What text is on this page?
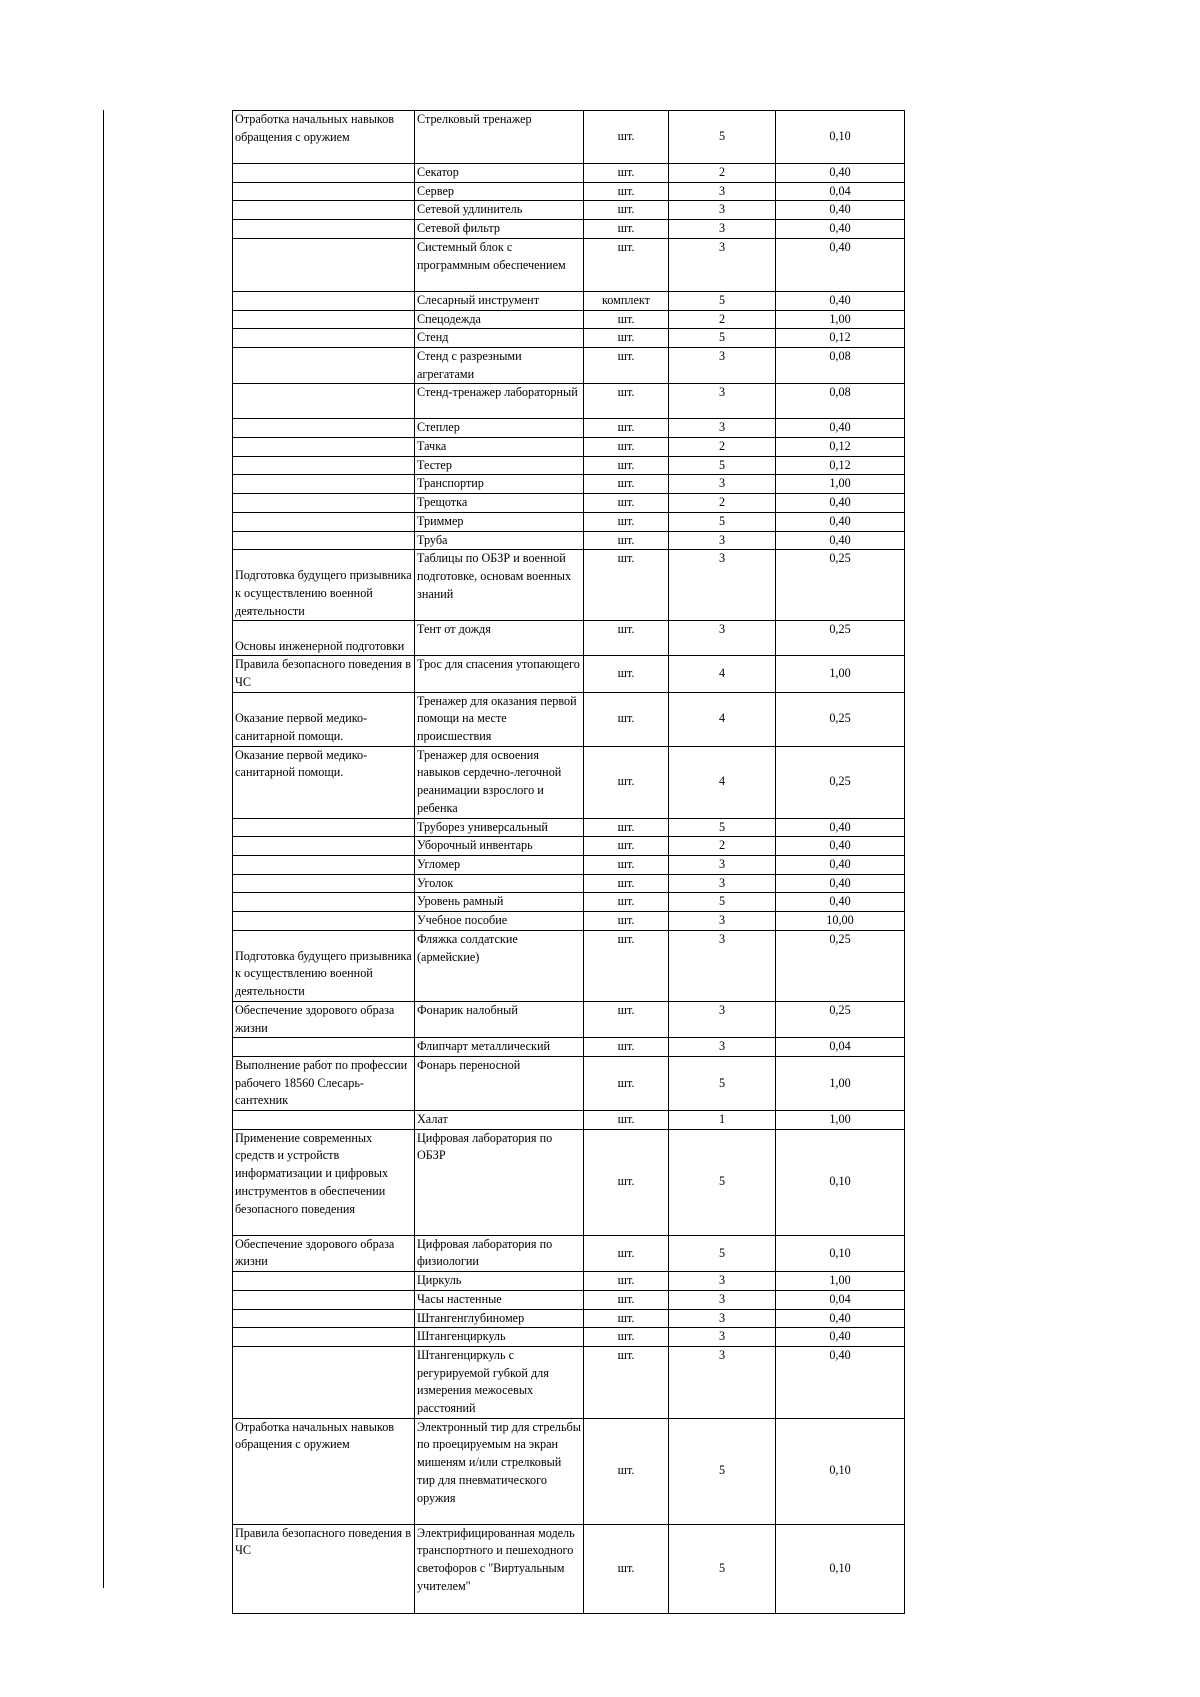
Отработка начальных навыков обращения с оружием	Стрелковый тренажер	шт.	5	0,10
	Секатор	шт.	2	0,40
	Сервер	шт.	3	0,04
	Сетевой удлинитель	шт.	3	0,40
	Сетевой фильтр	шт.	3	0,40
	Системный блок с программным обеспечением	шт.	3	0,40
	Слесарный инструмент	комплект	5	0,40
	Спецодежда	шт.	2	1,00
	Стенд	шт.	5	0,12
	Стенд с разрезными агрегатами	шт.	3	0,08
	Стенд-тренажер лабораторный	шт.	3	0,08
	Степлер	шт.	3	0,40
	Тачка	шт.	2	0,12
	Тестер	шт.	5	0,12
	Транспортир	шт.	3	1,00
	Трещотка	шт.	2	0,40
	Триммер	шт.	5	0,40
	Труба	шт.	3	0,40
Подготовка будущего призывника к осуществлению военной деятельности	Таблицы по ОБЗР и военной подготовке, основам военных знаний	шт.	3	0,25
Основы инженерной подготовки	Тент от дождя	шт.	3	0,25
Правила безопасного поведения в ЧС	Трос для спасения утопающего	шт.	4	1,00
Оказание первой медико-санитарной помощи.	Тренажер для оказания первой помощи на месте происшествия	шт.	4	0,25
Оказание первой медико-санитарной помощи.	Тренажер для освоения навыков сердечно-легочной реанимации взрослого и ребенка	шт.	4	0,25
	Труборез универсальный	шт.	5	0,40
	Уборочный инвентарь	шт.	2	0,40
	Угломер	шт.	3	0,40
	Уголок	шт.	3	0,40
	Уровень рамный	шт.	5	0,40
	Учебное пособие	шт.	3	10,00
Подготовка будущего призывника к осуществлению военной деятельности	Фляжка солдатские (армейские)	шт.	3	0,25
Обеспечение здорового образа жизни	Фонарик налобный	шт.	3	0,25
	Флипчарт металлический	шт.	3	0,04
Выполнение работ по профессии рабочего 18560 Слесарь-сантехник	Фонарь переносной	шт.	5	1,00
	Халат	шт.	1	1,00
Применение современных средств и устройств информатизации и цифровых инструментов в обеспечении безопасного поведения	Цифровая лаборатория по ОБЗР	шт.	5	0,10
Обеспечение здорового образа жизни	Цифровая лаборатория по физиологии	шт.	5	0,10
	Циркуль	шт.	3	1,00
	Часы настенные	шт.	3	0,04
	Штангенглубиномер	шт.	3	0,40
	Штангенциркуль	шт.	3	0,40
	Штангенциркуль с регурируемой губкой для измерения межосевых расстояний	шт.	3	0,40
Отработка начальных навыков обращения с оружием	Электронный тир для стрельбы по проецируемым на экран мишеням и/или стрелковый тир для пневматического оружия	шт.	5	0,10
Правила безопасного поведения в ЧС	Электрифицированная модель транспортного и пешеходного светофоров с "Виртуальным учителем"	шт.	5	0,10
